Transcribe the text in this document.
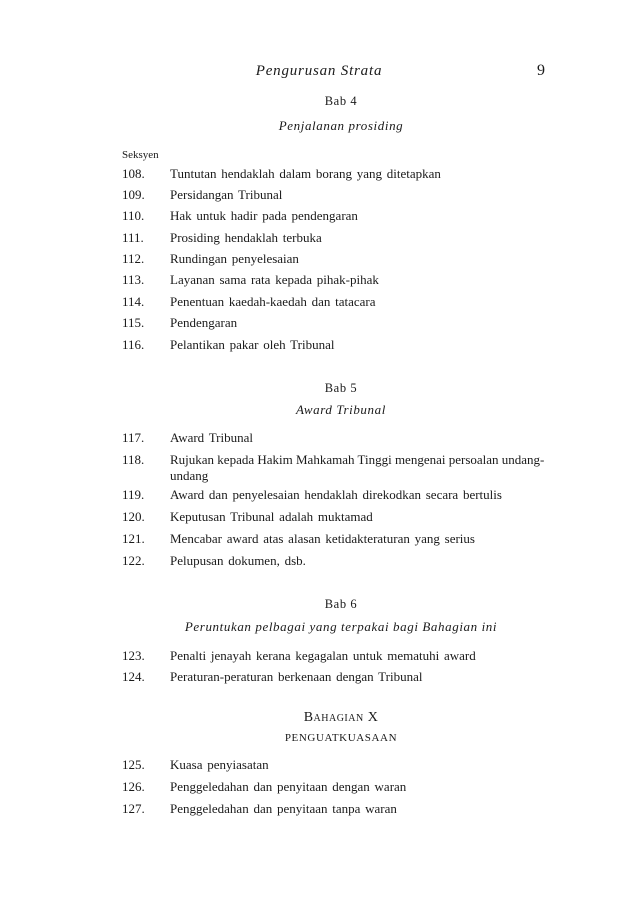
Pengurusan Strata	9
Bab 4
Penjalanan prosiding
Seksyen
108. Tuntutan hendaklah dalam borang yang ditetapkan
109. Persidangan Tribunal
110. Hak untuk hadir pada pendengaran
111. Prosiding hendaklah terbuka
112. Rundingan penyelesaian
113. Layanan sama rata kepada pihak-pihak
114. Penentuan kaedah-kaedah dan tatacara
115. Pendengaran
116. Pelantikan pakar oleh Tribunal
Bab 5
Award Tribunal
117. Award Tribunal
118. Rujukan kepada Hakim Mahkamah Tinggi mengenai persoalan undang-undang
119. Award dan penyelesaian hendaklah direkodkan secara bertulis
120. Keputusan Tribunal adalah muktamad
121. Mencabar award atas alasan ketidakteraturan yang serius
122. Pelupusan dokumen, dsb.
Bab 6
Peruntukan pelbagai yang terpakai bagi Bahagian ini
123. Penalti jenayah kerana kegagalan untuk mematuhi award
124. Peraturan-peraturan berkenaan dengan Tribunal
Bahagian X
PENGUATKUASAAN
125. Kuasa penyiasatan
126. Penggeledahan dan penyitaan dengan waran
127. Penggeledahan dan penyitaan tanpa waran
